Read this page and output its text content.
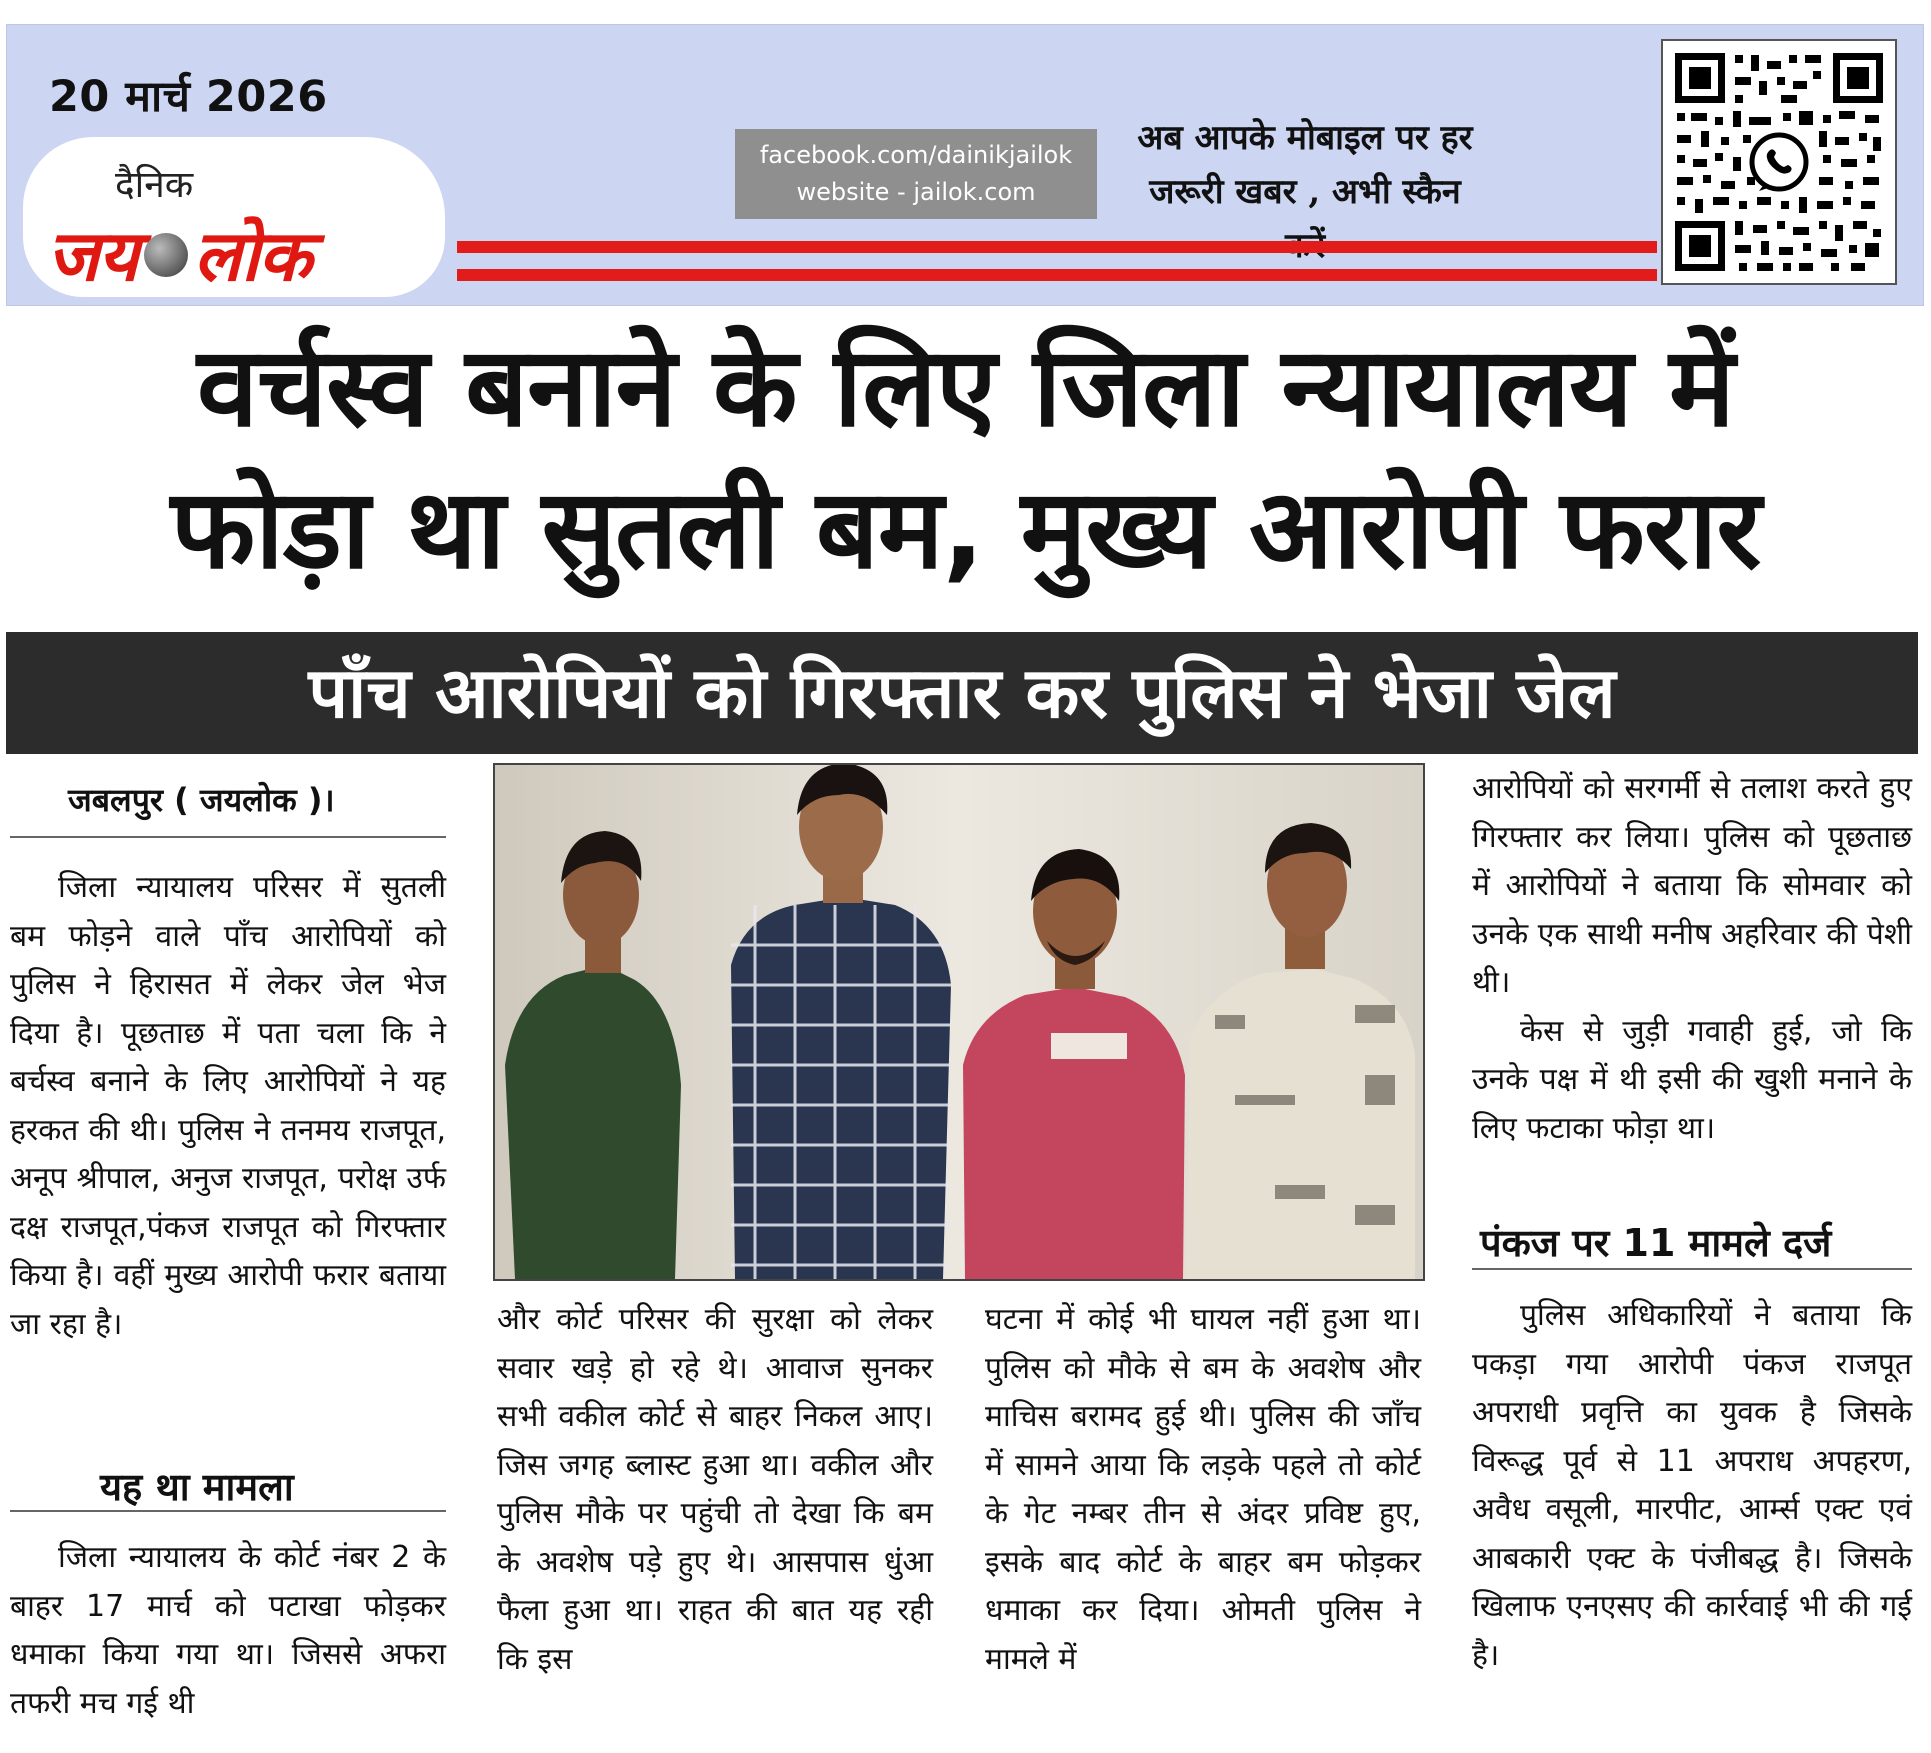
20 मार्च 2026
दैनिक
जय लोक
facebook.com/dainikjailok
website - jailok.com
अब आपके मोबाइल पर हर
जरूरी खबर , अभी स्कैन
वर्चस्व बनाने के लिए जिला न्यायालय में
फोड़ा था सुतली बम, मुख्य आरोपी फरार
पाँच आरोपियों को गिरफ्तार कर पुलिस ने भेजा जेल
जबलपुर ( जयलोक )।

जिला न्यायालय परिसर में सुतली बम फोड़ने वाले पाँच आरोपियों को पुलिस ने हिरासत में लेकर जेल भेज दिया है। पूछताछ में पता चला कि ने बर्चस्व बनाने के लिए आरोपियों ने यह हरकत की थी। पुलिस ने तनमय राजपूत, अनूप श्रीपाल, अनुज राजपूत, परोक्ष उर्फ दक्ष राजपूत,पंकज राजपूत को गिरफ्तार किया है। वहीं मुख्य आरोपी फरार बताया जा रहा है।

यह था मामला

जिला न्यायालय के कोर्ट नंबर 2 के बाहर 17 मार्च को पटाखा फोड़कर धमाका किया गया था। जिससे अफरा तफरी मच गई थी

और कोर्ट परिसर की सुरक्षा को लेकर सवार खड़े हो रहे थे। आवाज सुनकर सभी वकील कोर्ट से बाहर निकल आए। जिस जगह ब्लास्ट हुआ था। वकील और पुलिस मौके पर पहुंची तो देखा कि बम के अवशेष पड़े हुए थे। आसपास धुंआ फैला हुआ था। राहत की बात यह रही कि इस

घटना में कोई भी घायल नहीं हुआ था। पुलिस को मौके से बम के अवशेष और माचिस बरामद हुई थी। पुलिस की जाँच में सामने आया कि लड़के पहले तो कोर्ट के गेट नम्बर तीन से अंदर प्रविष्ट हुए, इसके बाद कोर्ट के बाहर बम फोड़कर धमाका कर दिया। ओमती पुलिस ने मामले में

आरोपियों को सरगर्मी से तलाश करते हुए गिरफ्तार कर लिया। पुलिस को पूछताछ में आरोपियों ने बताया कि सोमवार को उनके एक साथी मनीष अहरिवार की पेशी थी।

केस से जुड़ी गवाही हुई, जो कि उनके पक्ष में थी इसी की खुशी मनाने के लिए फटाका फोड़ा था।

पंकज पर 11 मामले दर्ज

पुलिस अधिकारियों ने बताया कि पकड़ा गया आरोपी पंकज राजपूत अपराधी प्रवृत्ति का युवक है जिसके विरूद्ध पूर्व से 11 अपराध अपहरण, अवैध वसूली, मारपीट, आर्म्स एक्ट एवं आबकारी एक्ट के पंजीबद्ध है। जिसके खिलाफ एनएसए की कार्रवाई भी की गई है।
